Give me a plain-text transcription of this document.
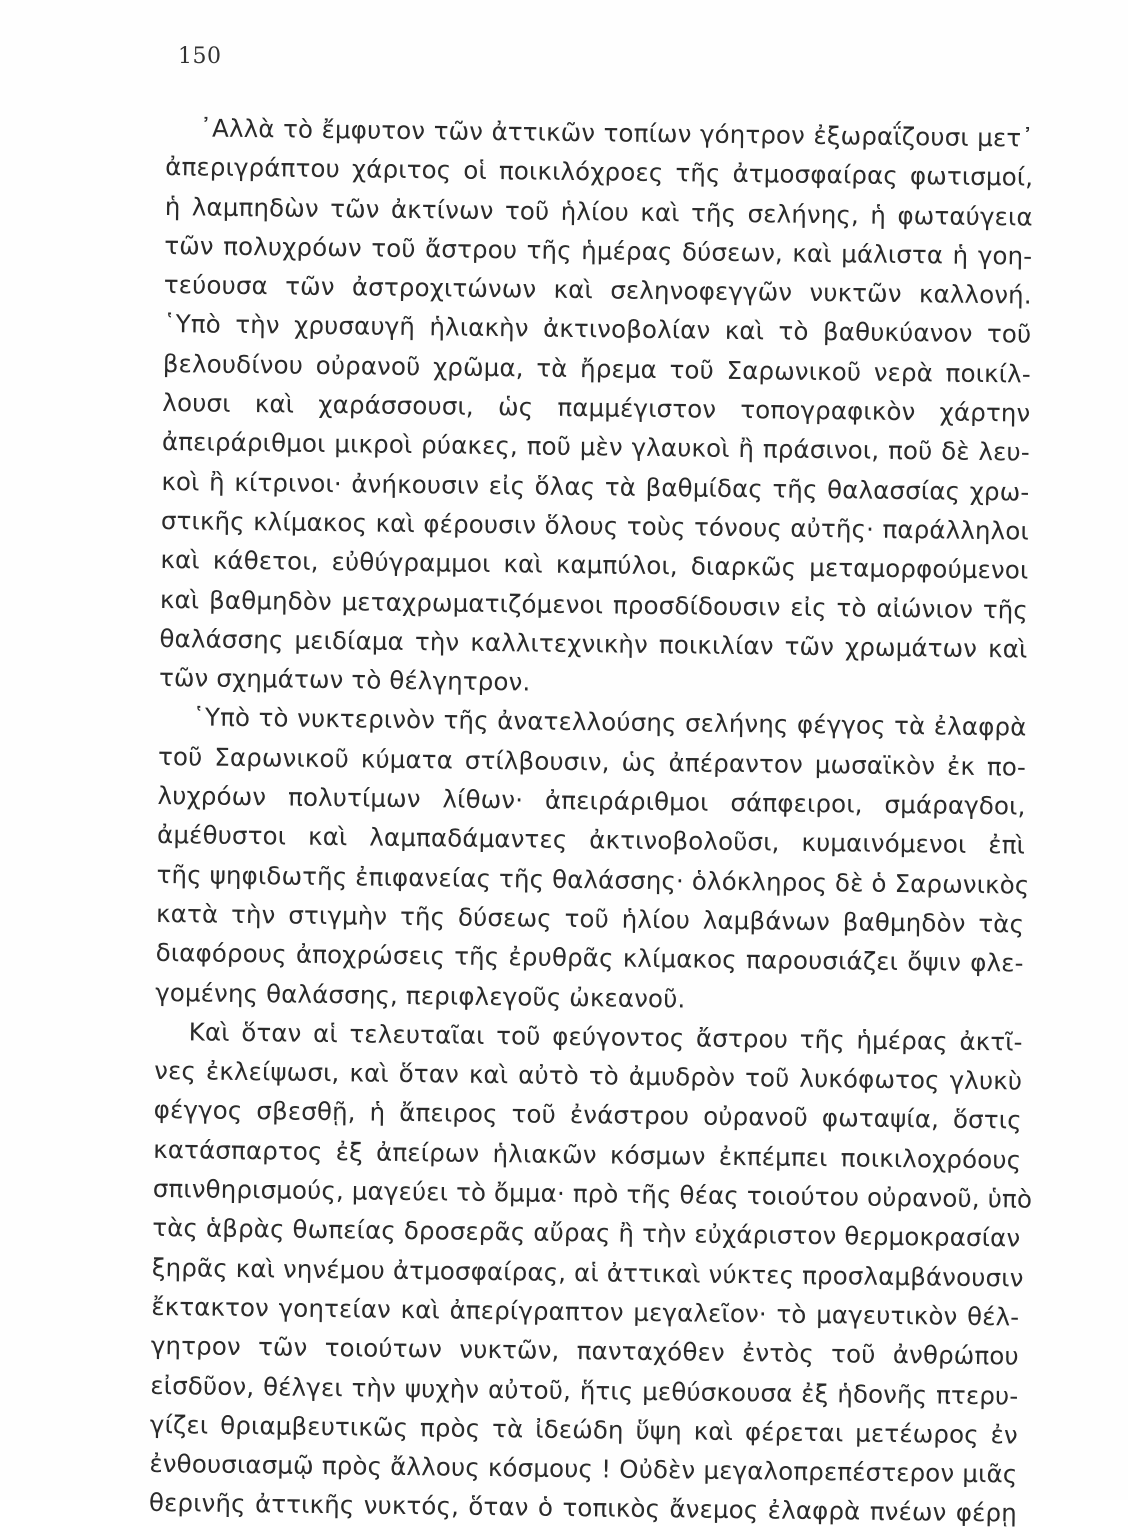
150
᾿Αλλὰ τὸ ἔμφυτον τῶν ἀττικῶν τοπίων γόητρον ἐξωραΐζουσι μετ᾿
ἀπεριγράπτου χάριτος οἱ ποικιλόχροες τῆς ἀτμοσφαίρας φωτισμοί,
ἡ λαμπηδὼν τῶν ἀκτίνων τοῦ ἡλίου καὶ τῆς σελήνης, ἡ φωταύγεια
τῶν πολυχρόων τοῦ ἄστρου τῆς ἡμέρας δύσεων, καὶ μάλιστα ἡ γοη-
τεύουσα τῶν ἀστροχιτώνων καὶ σεληνοφεγγῶν νυκτῶν καλλονή.
῾Υπὸ τὴν χρυσαυγῆ ἡλιακὴν ἀκτινοβολίαν καὶ τὸ βαθυκύανον τοῦ
βελουδίνου οὐρανοῦ χρῶμα, τὰ ἤρεμα τοῦ Σαρωνικοῦ νερὰ ποικίλ-
λουσι καὶ χαράσσουσι, ὡς παμμέγιστον τοπογραφικὸν χάρτην
ἀπειράριθμοι μικροὶ ρύακες, ποῦ μὲν γλαυκοὶ ἢ πράσινοι, ποῦ δὲ λευ-
κοὶ ἢ κίτρινοι· ἀνήκουσιν εἰς ὅλας τὰ βαθμίδας τῆς θαλασσίας χρω-
στικῆς κλίμακος καὶ φέρουσιν ὅλους τοὺς τόνους αὐτῆς· παράλληλοι
καὶ κάθετοι, εὐθύγραμμοι καὶ καμπύλοι, διαρκῶς μεταμορφούμενοι
καὶ βαθμηδὸν μεταχρωματιζόμενοι προσδίδουσιν εἰς τὸ αἰώνιον τῆς
θαλάσσης μειδίαμα τὴν καλλιτεχνικὴν ποικιλίαν τῶν χρωμάτων καὶ
τῶν σχημάτων τὸ θέλγητρον.
῾Υπὸ τὸ νυκτερινὸν τῆς ἀνατελλούσης σελήνης φέγγος τὰ ἐλαφρὰ
τοῦ Σαρωνικοῦ κύματα στίλβουσιν, ὡς ἀπέραντον μωσαϊκὸν ἐκ πο-
λυχρόων πολυτίμων λίθων· ἀπειράριθμοι σάπφειροι, σμάραγδοι,
ἀμέθυστοι καὶ λαμπαδάμαντες ἀκτινοβολοῦσι, κυμαινόμενοι ἐπὶ
τῆς ψηφιδωτῆς ἐπιφανείας τῆς θαλάσσης· ὁλόκληρος δὲ ὁ Σαρωνικὸς
κατὰ τὴν στιγμὴν τῆς δύσεως τοῦ ἡλίου λαμβάνων βαθμηδὸν τὰς
διαφόρους ἀποχρώσεις τῆς ἐρυθρᾶς κλίμακος παρουσιάζει ὄψιν φλε-
γομένης θαλάσσης, περιφλεγοῦς ὠκεανοῦ.
Καὶ ὅταν αἱ τελευταῖαι τοῦ φεύγοντος ἄστρου τῆς ἡμέρας ἀκτῖ-
νες ἐκλείψωσι, καὶ ὅταν καὶ αὐτὸ τὸ ἀμυδρὸν τοῦ λυκόφωτος γλυκὺ
φέγγος σβεσθῇ, ἡ ἄπειρος τοῦ ἐνάστρου οὐρανοῦ φωταψία, ὅστις
κατάσπαρτος ἐξ ἀπείρων ἡλιακῶν κόσμων ἐκπέμπει ποικιλοχρόους
σπινθηρισμούς, μαγεύει τὸ ὄμμα· πρὸ τῆς θέας τοιούτου οὐρανοῦ, ὑπὸ
τὰς ἁβρὰς θωπείας δροσερᾶς αὔρας ἢ τὴν εὐχάριστον θερμοκρασίαν
ξηρᾶς καὶ νηνέμου ἀτμοσφαίρας, αἱ ἀττικαὶ νύκτες προσλαμβάνουσιν
ἔκτακτον γοητείαν καὶ ἀπερίγραπτον μεγαλεῖον· τὸ μαγευτικὸν θέλ-
γητρον τῶν τοιούτων νυκτῶν, πανταχόθεν ἐντὸς τοῦ ἀνθρώπου
εἰσδῦον, θέλγει τὴν ψυχὴν αὐτοῦ, ἥτις μεθύσκουσα ἐξ ἡδονῆς πτερυ-
γίζει θριαμβευτικῶς πρὸς τὰ ἰδεώδη ὕψη καὶ φέρεται μετέωρος ἐν
ἐνθουσιασμῷ πρὸς ἄλλους κόσμους ! Οὐδὲν μεγαλοπρεπέστερον μιᾶς
θερινῆς ἀττικῆς νυκτός, ὅταν ὁ τοπικὸς ἄνεμος ἐλαφρὰ πνέων φέρῃ
